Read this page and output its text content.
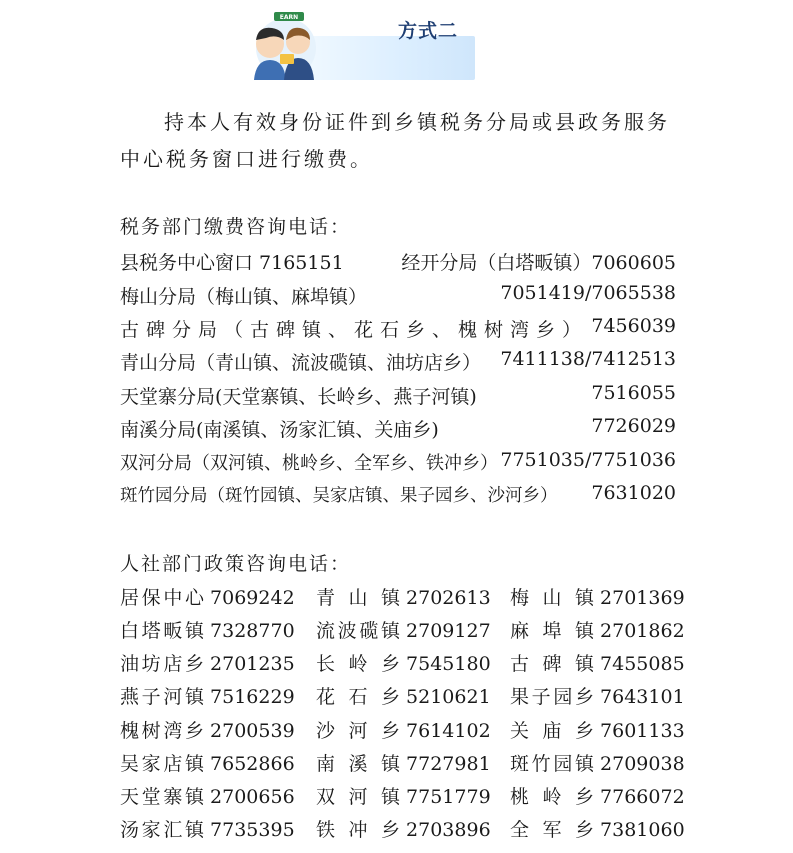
EARN
方式二
持本人有效身份证件到乡镇税务分局或县政务服务中心税务窗口进行缴费。
税务部门缴费咨询电话：
县税务中心窗口 7165151	经开分局（白塔畈镇）7060605
梅山分局（梅山镇、麻埠镇）	7051419/7065538
古碑分局（古碑镇、花石乡、槐树湾乡） 7456039
青山分局（青山镇、流波𬒗镇、油坊店乡） 7411138/7412513
天堂寨分局(天堂寨镇、长岭乡、燕子河镇)	7516055
南溪分局(南溪镇、汤家汇镇、关庙乡)	7726029
双河分局（双河镇、桃岭乡、全军乡、铁冲乡） 7751035/7751036
斑竹园分局（斑竹园镇、吴家店镇、果子园乡、沙河乡） 7631020
人社部门政策咨询电话：
居保中心 7069242 青山镇 2702613 梅山镇 2701369
白塔畈镇 7328770 流波𬒗镇 2709127 麻埠镇 2701862
油坊店乡 2701235 长岭乡 7545180 古碑镇 7455085
燕子河镇 7516229 花石乡 5210621 果子园乡 7643101
槐树湾乡 2700539 沙河乡 7614102 关庙乡 7601133
吴家店镇 7652866 南溪镇 7727981 斑竹园镇 2709038
天堂寨镇 2700656 双河镇 7751779 桃岭乡 7766072
汤家汇镇 7735395 铁冲乡 2703896 全军乡 7381060
